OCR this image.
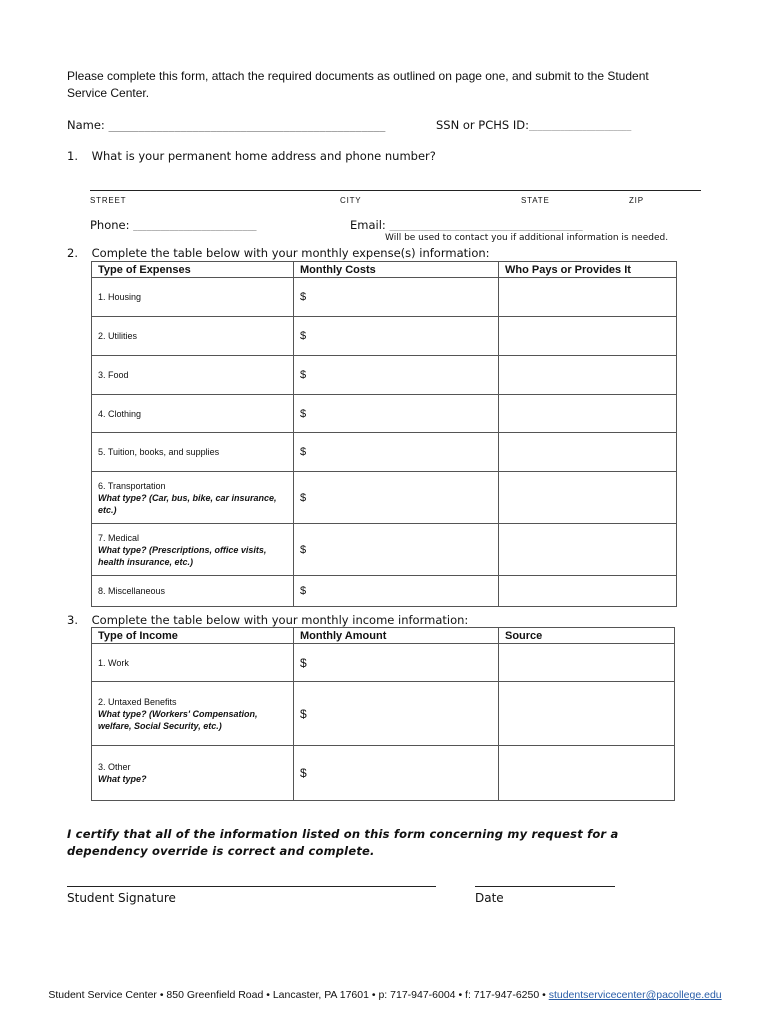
Please complete this form, attach the required documents as outlined on page one, and submit to the Student Service Center.
Name: ______________________________________________	SSN or PCHS ID:_______________________
1. What is your permanent home address and phone number?
STREET	CITY	STATE	ZIP
Phone: ___________________________	Email: ____________________________________________
Will be used to contact you if additional information is needed.
2. Complete the table below with your monthly expense(s) information:
Type of Expenses	Monthly Costs	Who Pays or Provides It
1. Housing	$	
2. Utilities	$	
3. Food	$	
4. Clothing	$	
5. Tuition, books, and supplies	$	
6. Transportation
What type? (Car, bus, bike, car insurance, etc.)	$	
7. Medical
What type? (Prescriptions, office visits, health insurance, etc.)	$	
8. Miscellaneous	$	
3. Complete the table below with your monthly income information:
Type of Income	Monthly Amount	Source
1. Work	$	
2. Untaxed Benefits
What type? (Workers' Compensation, welfare, Social Security, etc.)	$	
3. Other
What type?	$	
I certify that all of the information listed on this form concerning my request for a dependency override is correct and complete.
Student Signature	Date
Student Service Center • 850 Greenfield Road • Lancaster, PA 17601 • p: 717-947-6004 • f: 717-947-6250 • studentservicecenter@pacollege.edu
